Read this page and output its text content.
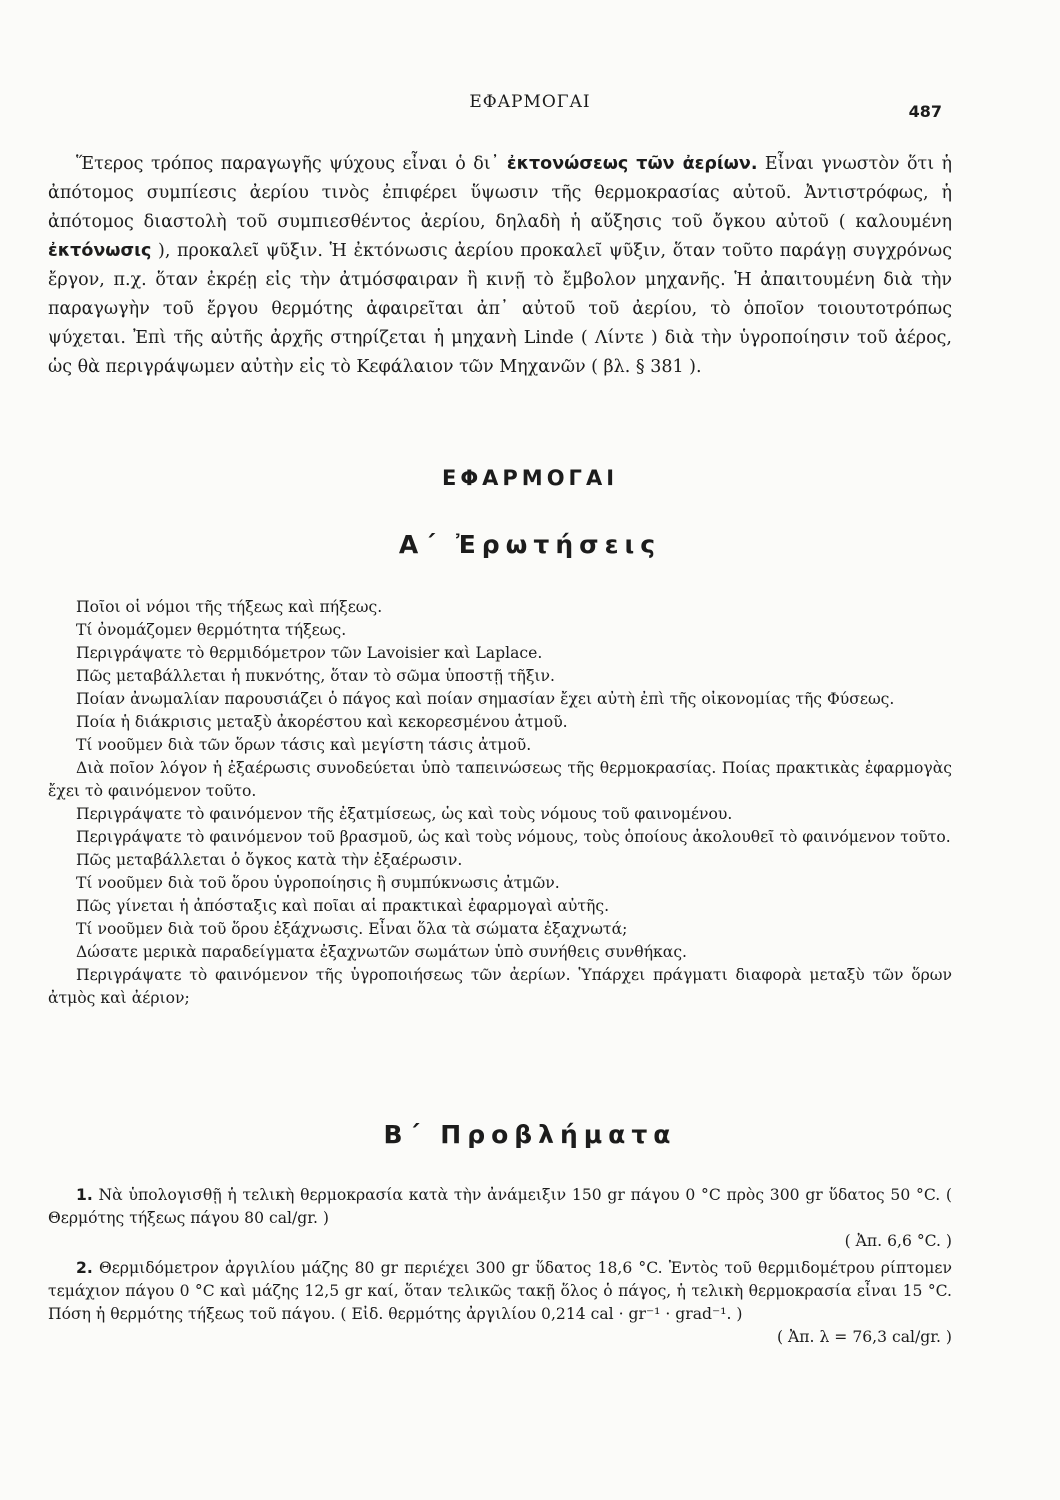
ΕΦΑΡΜΟΓΑΙ	487

Ἕτερος τρόπος παραγωγῆς ψύχους εἶναι ὁ δι᾽ ἐκτονώσεως τῶν ἀερίων. Εἶναι γνωστὸν ὅτι ἡ ἀπότομος συμπίεσις ἀερίου τινὸς ἐπιφέρει ὕψωσιν τῆς θερμοκρασίας αὐτοῦ. Ἀντιστρόφως, ἡ ἀπότομος διαστολὴ τοῦ συμπιεσθέντος ἀερίου, δηλαδὴ ἡ αὔξησις τοῦ ὄγκου αὐτοῦ ( καλουμένη ἐκτόνωσις ), προκαλεῖ ψῦξιν. Ἡ ἐκτόνωσις ἀερίου προκαλεῖ ψῦξιν, ὅταν τοῦτο παράγῃ συγχρόνως ἔργον, π.χ. ὅταν ἐκρέῃ εἰς τὴν ἀτμόσφαιραν ἢ κινῇ τὸ ἔμβολον μηχανῆς. Ἡ ἀπαιτουμένη διὰ τὴν παραγωγὴν τοῦ ἔργου θερμότης ἀφαιρεῖται ἀπ᾽ αὐτοῦ τοῦ ἀερίου, τὸ ὁποῖον τοιουτοτρόπως ψύχεται. Ἐπὶ τῆς αὐτῆς ἀρχῆς στηρίζεται ἡ μηχανὴ Linde ( Λίντε ) διὰ τὴν ὑγροποίησιν τοῦ ἀέρος, ὡς θὰ περιγράψωμεν αὐτὴν εἰς τὸ Κεφάλαιον τῶν Μηχανῶν ( βλ. § 381 ).

ΕΦΑΡΜΟΓΑΙ
Α΄ Ἐρωτήσεις
Ποῖοι οἱ νόμοι τῆς τήξεως καὶ πήξεως.
Τί ὀνομάζομεν θερμότητα τήξεως.
Περιγράψατε τὸ θερμιδόμετρον τῶν Lavoisier καὶ Laplace.
Πῶς μεταβάλλεται ἡ πυκνότης, ὅταν τὸ σῶμα ὑποστῇ τῆξιν.
Ποίαν ἀνωμαλίαν παρουσιάζει ὁ πάγος καὶ ποίαν σημασίαν ἔχει αὐτὴ ἐπὶ τῆς οἰκονομίας τῆς Φύσεως.
Ποία ἡ διάκρισις μεταξὺ ἀκορέστου καὶ κεκορεσμένου ἀτμοῦ.
Τί νοοῦμεν διὰ τῶν ὅρων τάσις καὶ μεγίστη τάσις ἀτμοῦ.
Διὰ ποῖον λόγον ἡ ἐξαέρωσις συνοδεύεται ὑπὸ ταπεινώσεως τῆς θερμοκρασίας. Ποίας πρακτικὰς ἐφαρμογὰς ἔχει τὸ φαινόμενον τοῦτο.
Περιγράψατε τὸ φαινόμενον τῆς ἐξατμίσεως, ὡς καὶ τοὺς νόμους τοῦ φαινομένου.
Περιγράψατε τὸ φαινόμενον τοῦ βρασμοῦ, ὡς καὶ τοὺς νόμους, τοὺς ὁποίους ἀκολουθεῖ τὸ φαινόμενον τοῦτο.
Πῶς μεταβάλλεται ὁ ὄγκος κατὰ τὴν ἐξαέρωσιν.
Τί νοοῦμεν διὰ τοῦ ὅρου ὑγροποίησις ἢ συμπύκνωσις ἀτμῶν.
Πῶς γίνεται ἡ ἀπόσταξις καὶ ποῖαι αἱ πρακτικαὶ ἐφαρμογαὶ αὐτῆς.
Τί νοοῦμεν διὰ τοῦ ὅρου ἐξάχνωσις. Εἶναι ὅλα τὰ σώματα ἐξαχνωτά;
Δώσατε μερικὰ παραδείγματα ἐξαχνωτῶν σωμάτων ὑπὸ συνήθεις συνθήκας.
Περιγράψατε τὸ φαινόμενον τῆς ὑγροποιήσεως τῶν ἀερίων. Ὑπάρχει πράγματι διαφορὰ μεταξὺ τῶν ὅρων ἀτμὸς καὶ ἀέριον;
Β΄ Προβλήματα
1. Νὰ ὑπολογισθῇ ἡ τελικὴ θερμοκρασία κατὰ τὴν ἀνάμειξιν 150 gr πάγου 0 °C πρὸς 300 gr ὕδατος 50 °C. ( Θερμότης τήξεως πάγου 80 cal/gr. )
( Ἀπ. 6,6 °C. )
2. Θερμιδόμετρον ἀργιλίου μάζης 80 gr περιέχει 300 gr ὕδατος 18,6 °C. Ἐντὸς τοῦ θερμιδομέτρου ρίπτομεν τεμάχιον πάγου 0 °C καὶ μάζης 12,5 gr καί, ὅταν τελικῶς τακῇ ὅλος ὁ πάγος, ἡ τελικὴ θερμοκρασία εἶναι 15 °C. Πόση ἡ θερμότης τήξεως τοῦ πάγου. ( Εἰδ. θερμότης ἀργιλίου 0,214 cal · gr⁻¹ · grad⁻¹. )
( Ἀπ. λ = 76,3 cal/gr. )
